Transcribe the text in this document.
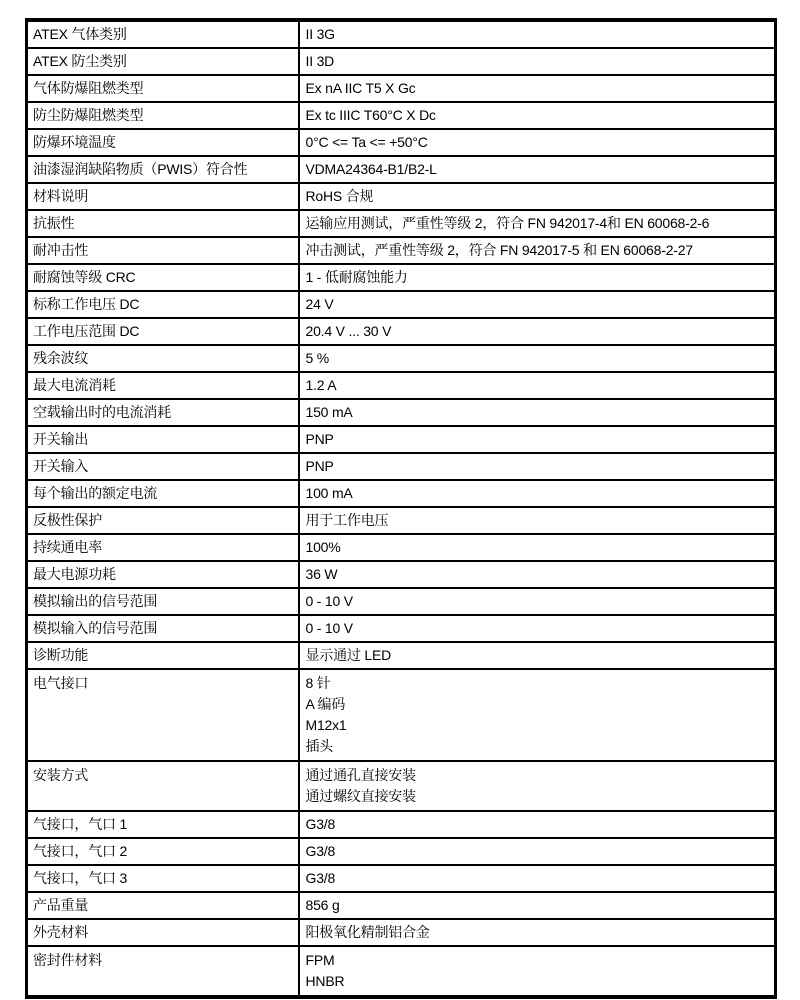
ATEX 气体类别	II 3G
ATEX 防尘类别	II 3D
气体防爆阻燃类型	Ex nA IIC T5 X Gc
防尘防爆阻燃类型	Ex tc IIIC T60°C X Dc
防爆环境温度	0°C <= Ta <= +50°C
油漆湿润缺陷物质（PWIS）符合性	VDMA24364-B1/B2-L
材料说明	RoHS 合规
抗振性	运输应用测试，严重性等级 2，符合 FN 942017-4和 EN 60068-2-6
耐冲击性	冲击测试，严重性等级 2，符合 FN 942017-5 和 EN 60068-2-27
耐腐蚀等级 CRC	1 - 低耐腐蚀能力
标称工作电压 DC	24 V
工作电压范围 DC	20.4 V ... 30 V
残余波纹	5 %
最大电流消耗	1.2 A
空载输出时的电流消耗	150 mA
开关输出	PNP
开关输入	PNP
每个输出的额定电流	100 mA
反极性保护	用于工作电压
持续通电率	100%
最大电源功耗	36 W
模拟输出的信号范围	0 - 10 V
模拟输入的信号范围	0 - 10 V
诊断功能	显示通过 LED
电气接口	8 针
A 编码
M12x1
插头

安装方式	通过通孔直接安装
通过螺纹直接安装

气接口，气口 1	G3/8
气接口，气口 2	G3/8
气接口，气口 3	G3/8
产品重量	856 g
外壳材料	阳极氧化精制铝合金
密封件材料	FPM
HNBR
